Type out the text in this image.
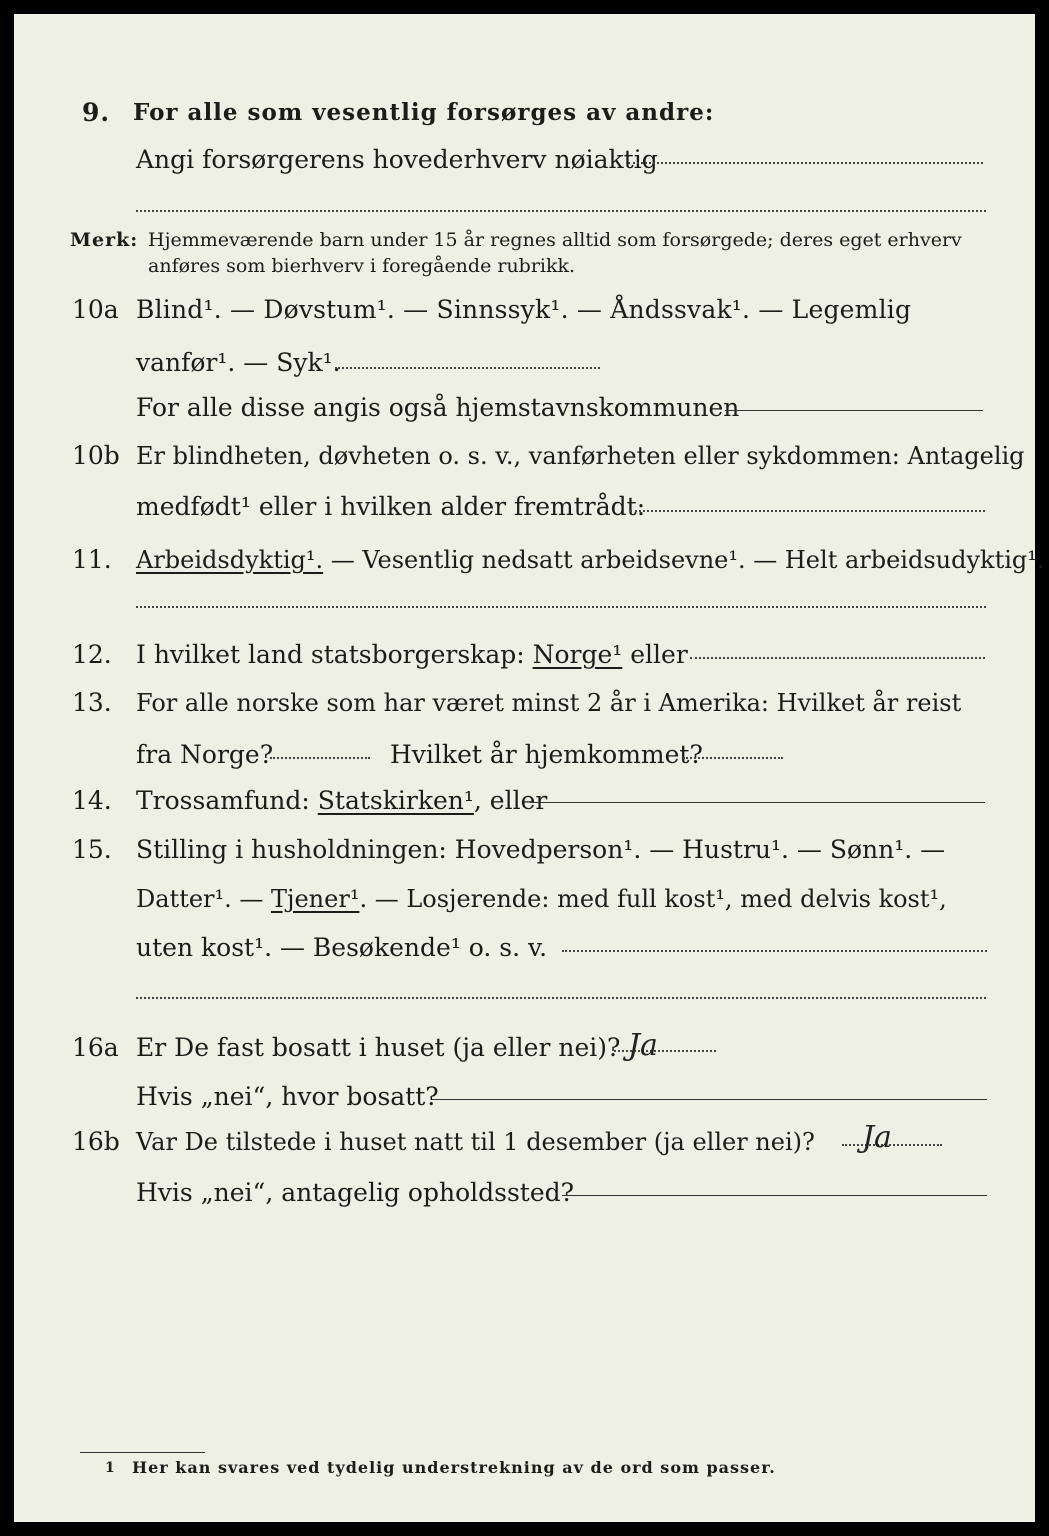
9. For alle som vesentlig forsørges av andre:
Angi forsørgerens hovederhverv nøiaktig
Merk: Hjemmeværende barn under 15 år regnes alltid som forsørgede; deres eget erhverv
anføres som bierhverv i foregående rubrikk.
10a Blind¹. — Døvstum¹. — Sinnssyk¹. — Åndssvak¹. — Legemlig
vanfør¹. — Syk¹.
For alle disse angis også hjemstavnskommunen
10b Er blindheten, døvheten o. s. v., vanførheten eller sykdommen: Antagelig
medfødt¹ eller i hvilken alder fremtrådt:
11. Arbeidsdyktig¹. — Vesentlig nedsatt arbeidsevne¹. — Helt arbeidsudyktig¹.
12. I hvilket land statsborgerskap: Norge¹ eller
13. For alle norske som har været minst 2 år i Amerika: Hvilket år reist
fra Norge?	Hvilket år hjemkommet?
14. Trossamfund: Statskirken¹, eller
15. Stilling i husholdningen: Hovedperson¹. — Hustru¹. — Sønn¹. —
Datter¹. — Tjener¹. — Losjerende: med full kost¹, med delvis kost¹,
uten kost¹. — Besøkende¹ o. s. v.
16a Er De fast bosatt i huset (ja eller nei)? Ja
Hvis „nei“, hvor bosatt?
16b Var De tilstede i huset natt til 1 desember (ja eller nei)? Ja
Hvis „nei“, antagelig opholdssted?
1 Her kan svares ved tydelig understrekning av de ord som passer.
